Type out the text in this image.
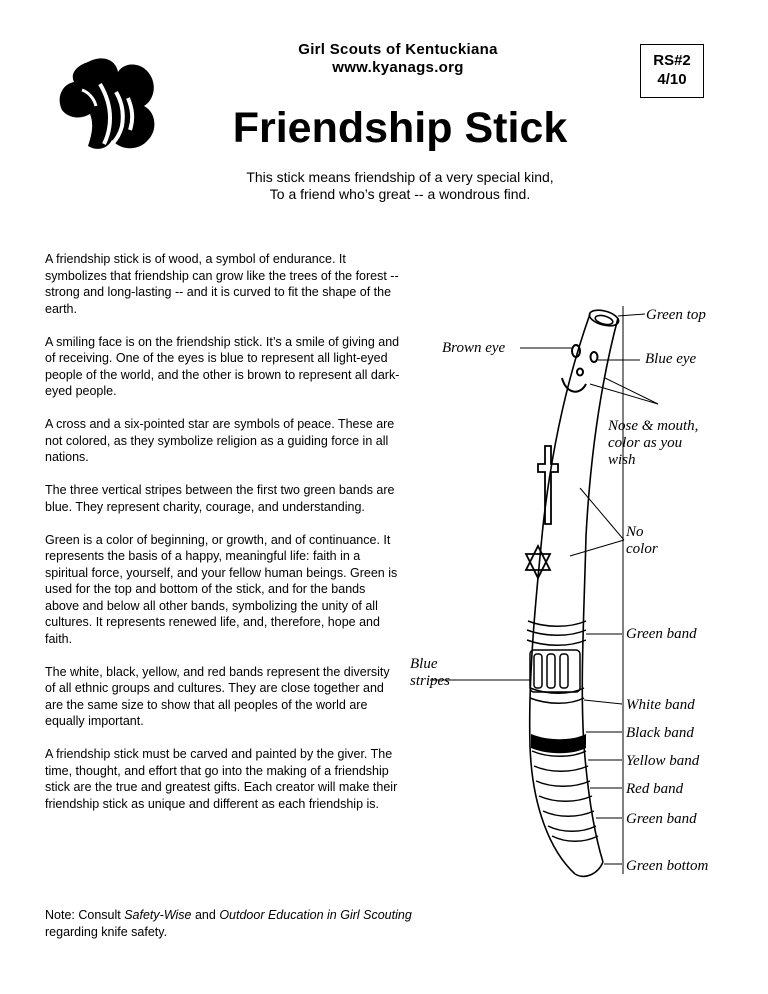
Girl Scouts of Kentuckiana
www.kyanags.org	RS#2
4/10
Friendship Stick
This stick means friendship of a very special kind,
To a friend who’s great -- a wondrous find.

A friendship stick is of wood, a symbol of endurance. It symbolizes that friendship can grow like the trees of the forest -- strong and long-lasting -- and it is curved to fit the shape of the earth.

A smiling face is on the friendship stick. It’s a smile of giving and of receiving. One of the eyes is blue to represent all light-eyed people of the world, and the other is brown to represent all dark-eyed people.

A cross and a six-pointed star are symbols of peace. These are not colored, as they symbolize religion as a guiding force in all nations.

The three vertical stripes between the first two green bands are blue. They represent charity, courage, and understanding.

Green is a color of beginning, or growth, and of continuance. It represents the basis of a happy, meaningful life: faith in a spiritual force, yourself, and your fellow human beings. Green is used for the top and bottom of the stick, and for the bands above and below all other bands, symbolizing the unity of all cultures. It represents renewed life, and, therefore, hope and faith.

The white, black, yellow, and red bands represent the diversity of all ethnic groups and cultures. They are close together and are the same size to show that all peoples of the world are equally important.

A friendship stick must be carved and painted by the giver. The time, thought, and effort that go into the making of a friendship stick are the true and greatest gifts. Each creator will make their friendship stick as unique and different as each friendship is.

Note: Consult Safety-Wise and Outdoor Education in Girl Scouting
regarding knife safety.

Green top
Brown eye
Blue eye
Nose & mouth,
color as you
wish
No
color
Green band
Blue
stripes
White band
Black band
Yellow band
Red band
Green band
Green bottom
